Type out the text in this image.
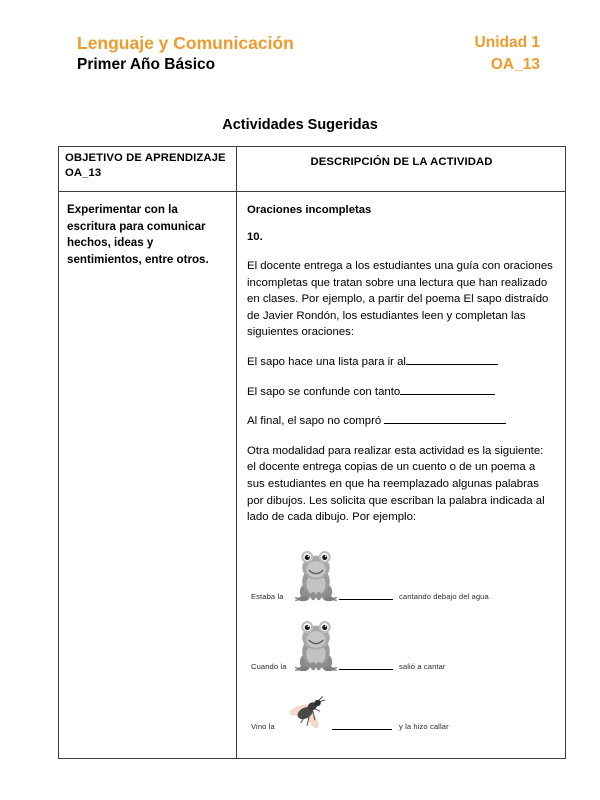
Lenguaje y Comunicación
Primer Año Básico
Unidad 1
OA_13
Actividades Sugeridas
OBJETIVO DE APRENDIZAJE OA_13	DESCRIPCIÓN DE LA ACTIVIDAD

Experimentar con la escritura para comunicar hechos, ideas y sentimientos, entre otros.

Oraciones incompletas
10.
El docente entrega a los estudiantes una guía con oraciones incompletas que tratan sobre una lectura que han realizado en clases. Por ejemplo, a partir del poema El sapo distraído de Javier Rondón, los estudiantes leen y completan las siguientes oraciones:
El sapo hace una lista para ir al
El sapo se confunde con tanto
Al final, el sapo no compró
Otra modalidad para realizar esta actividad es la siguiente: el docente entrega copias de un cuento o de un poema a sus estudiantes en que ha reemplazado algunas palabras por dibujos. Les solicita que escriban la palabra indicada al lado de cada dibujo. Por ejemplo:
Estaba la	cantando debajo del agua
Cuando la	salió a cantar
Vino la	y la hizo callar
